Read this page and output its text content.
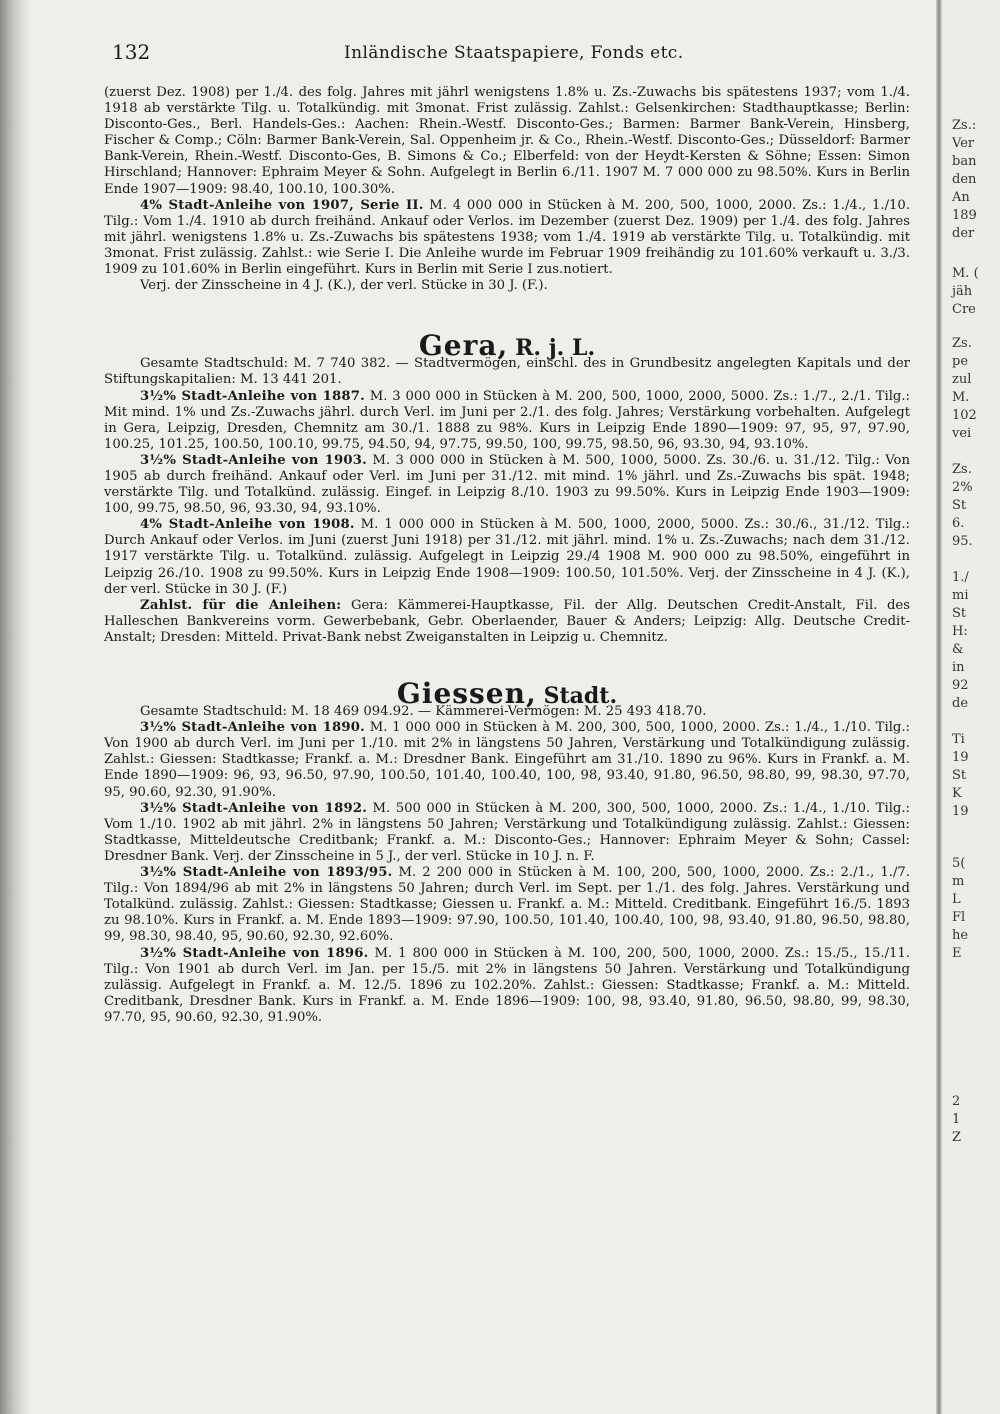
Zs.:
Ver
ban
den
An
189
der
M. (
jäh
Cre
Zs.
pe
zul
M.
102
vei
Zs.
2%
St
6.
95.
1./
mi
St
H:
&
in
92
de
Ti
19
St
K
19
5(
m
L
Fl
he
E
2
1
Z
132	Inländische Staatspapiere, Fonds etc.

(zuerst Dez. 1908) per 1./4. des folg. Jahres mit jährl wenigstens 1.8% u. Zs.-Zuwachs bis spätestens 1937; vom 1./4. 1918 ab verstärkte Tilg. u. Totalkündig. mit 3monat. Frist zulässig. Zahlst.: Gelsenkirchen: Stadthauptkasse; Berlin: Disconto-Ges., Berl. Handels-Ges.: Aachen: Rhein.-Westf. Disconto-Ges.; Barmen: Barmer Bank-Verein, Hinsberg, Fischer & Comp.; Cöln: Barmer Bank-Verein, Sal. Oppenheim jr. & Co., Rhein.-Westf. Disconto-Ges.; Düsseldorf: Barmer Bank-Verein, Rhein.-Westf. Disconto-Ges, B. Simons & Co.; Elberfeld: von der Heydt-Kersten & Söhne; Essen: Simon Hirschland; Hannover: Ephraim Meyer & Sohn. Aufgelegt in Berlin 6./11. 1907 M. 7 000 000 zu 98.50%. Kurs in Berlin Ende 1907—1909: 98.40, 100.10, 100.30%.

4% Stadt-Anleihe von 1907, Serie II. M. 4 000 000 in Stücken à M. 200, 500, 1000, 2000. Zs.: 1./4., 1./10. Tilg.: Vom 1./4. 1910 ab durch freihänd. Ankauf oder Verlos. im Dezember (zuerst Dez. 1909) per 1./4. des folg. Jahres mit jährl. wenigstens 1.8% u. Zs.-Zuwachs bis spätestens 1938; vom 1./4. 1919 ab verstärkte Tilg. u. Totalkündig. mit 3monat. Frist zulässig. Zahlst.: wie Serie I. Die Anleihe wurde im Februar 1909 freihändig zu 101.60% verkauft u. 3./3. 1909 zu 101.60% in Berlin eingeführt. Kurs in Berlin mit Serie I zus.notiert.

Verj. der Zinsscheine in 4 J. (K.), der verl. Stücke in 30 J. (F.).

Gera, R. j. L.

Gesamte Stadtschuld: M. 7 740 382. — Stadtvermögen, einschl. des in Grundbesitz angelegten Kapitals und der Stiftungskapitalien: M. 13 441 201.

3½% Stadt-Anleihe von 1887. M. 3 000 000 in Stücken à M. 200, 500, 1000, 2000, 5000. Zs.: 1./7., 2./1. Tilg.: Mit mind. 1% und Zs.-Zuwachs jährl. durch Verl. im Juni per 2./1. des folg. Jahres; Verstärkung vorbehalten. Aufgelegt in Gera, Leipzig, Dresden, Chemnitz am 30./1. 1888 zu 98%. Kurs in Leipzig Ende 1890—1909: 97, 95, 97, 97.90, 100.25, 101.25, 100.50, 100.10, 99.75, 94.50, 94, 97.75, 99.50, 100, 99.75, 98.50, 96, 93.30, 94, 93.10%.

3½% Stadt-Anleihe von 1903. M. 3 000 000 in Stücken à M. 500, 1000, 5000. Zs. 30./6. u. 31./12. Tilg.: Von 1905 ab durch freihänd. Ankauf oder Verl. im Juni per 31./12. mit mind. 1% jährl. und Zs.-Zuwachs bis spät. 1948; verstärkte Tilg. und Totalkünd. zulässig. Eingef. in Leipzig 8./10. 1903 zu 99.50%. Kurs in Leipzig Ende 1903—1909: 100, 99.75, 98.50, 96, 93.30, 94, 93.10%.

4% Stadt-Anleihe von 1908. M. 1 000 000 in Stücken à M. 500, 1000, 2000, 5000. Zs.: 30./6., 31./12. Tilg.: Durch Ankauf oder Verlos. im Juni (zuerst Juni 1918) per 31./12. mit jährl. mind. 1% u. Zs.-Zuwachs; nach dem 31./12. 1917 verstärkte Tilg. u. Totalkünd. zulässig. Aufgelegt in Leipzig 29./4 1908 M. 900 000 zu 98.50%, eingeführt in Leipzig 26./10. 1908 zu 99.50%. Kurs in Leipzig Ende 1908—1909: 100.50, 101.50%. Verj. der Zinsscheine in 4 J. (K.), der verl. Stücke in 30 J. (F.)

Zahlst. für die Anleihen: Gera: Kämmerei-Hauptkasse, Fil. der Allg. Deutschen Credit-Anstalt, Fil. des Halleschen Bankvereins vorm. Gewerbebank, Gebr. Oberlaender, Bauer & Anders; Leipzig: Allg. Deutsche Credit-Anstalt; Dresden: Mitteld. Privat-Bank nebst Zweiganstalten in Leipzig u. Chemnitz.

Giessen, Stadt.

Gesamte Stadtschuld: M. 18 469 094.92. — Kämmerei-Vermögen: M. 25 493 418.70.

3½% Stadt-Anleihe von 1890. M. 1 000 000 in Stücken à M. 200, 300, 500, 1000, 2000. Zs.: 1./4., 1./10. Tilg.: Von 1900 ab durch Verl. im Juni per 1./10. mit 2% in längstens 50 Jahren, Verstärkung und Totalkündigung zulässig. Zahlst.: Giessen: Stadtkasse; Frankf. a. M.: Dresdner Bank. Eingeführt am 31./10. 1890 zu 96%. Kurs in Frankf. a. M. Ende 1890—1909: 96, 93, 96.50, 97.90, 100.50, 101.40, 100.40, 100, 98, 93.40, 91.80, 96.50, 98.80, 99, 98.30, 97.70, 95, 90.60, 92.30, 91.90%.

3½% Stadt-Anleihe von 1892. M. 500 000 in Stücken à M. 200, 300, 500, 1000, 2000. Zs.: 1./4., 1./10. Tilg.: Vom 1./10. 1902 ab mit jährl. 2% in längstens 50 Jahren; Verstärkung und Totalkündigung zulässig. Zahlst.: Giessen: Stadtkasse, Mitteldeutsche Creditbank; Frankf. a. M.: Disconto-Ges.; Hannover: Ephraim Meyer & Sohn; Cassel: Dresdner Bank. Verj. der Zinsscheine in 5 J., der verl. Stücke in 10 J. n. F.

3½% Stadt-Anleihe von 1893/95. M. 2 200 000 in Stücken à M. 100, 200, 500, 1000, 2000. Zs.: 2./1., 1./7. Tilg.: Von 1894/96 ab mit 2% in längstens 50 Jahren; durch Verl. im Sept. per 1./1. des folg. Jahres. Verstärkung und Totalkünd. zulässig. Zahlst.: Giessen: Stadtkasse; Giessen u. Frankf. a. M.: Mitteld. Creditbank. Eingeführt 16./5. 1893 zu 98.10%. Kurs in Frankf. a. M. Ende 1893—1909: 97.90, 100.50, 101.40, 100.40, 100, 98, 93.40, 91.80, 96.50, 98.80, 99, 98.30, 98.40, 95, 90.60, 92.30, 92.60%.

3½% Stadt-Anleihe von 1896. M. 1 800 000 in Stücken à M. 100, 200, 500, 1000, 2000. Zs.: 15./5., 15./11. Tilg.: Von 1901 ab durch Verl. im Jan. per 15./5. mit 2% in längstens 50 Jahren. Verstärkung und Totalkündigung zulässig. Aufgelegt in Frankf. a. M. 12./5. 1896 zu 102.20%. Zahlst.: Giessen: Stadtkasse; Frankf. a. M.: Mitteld. Creditbank, Dresdner Bank. Kurs in Frankf. a. M. Ende 1896—1909: 100, 98, 93.40, 91.80, 96.50, 98.80, 99, 98.30, 97.70, 95, 90.60, 92.30, 91.90%.
